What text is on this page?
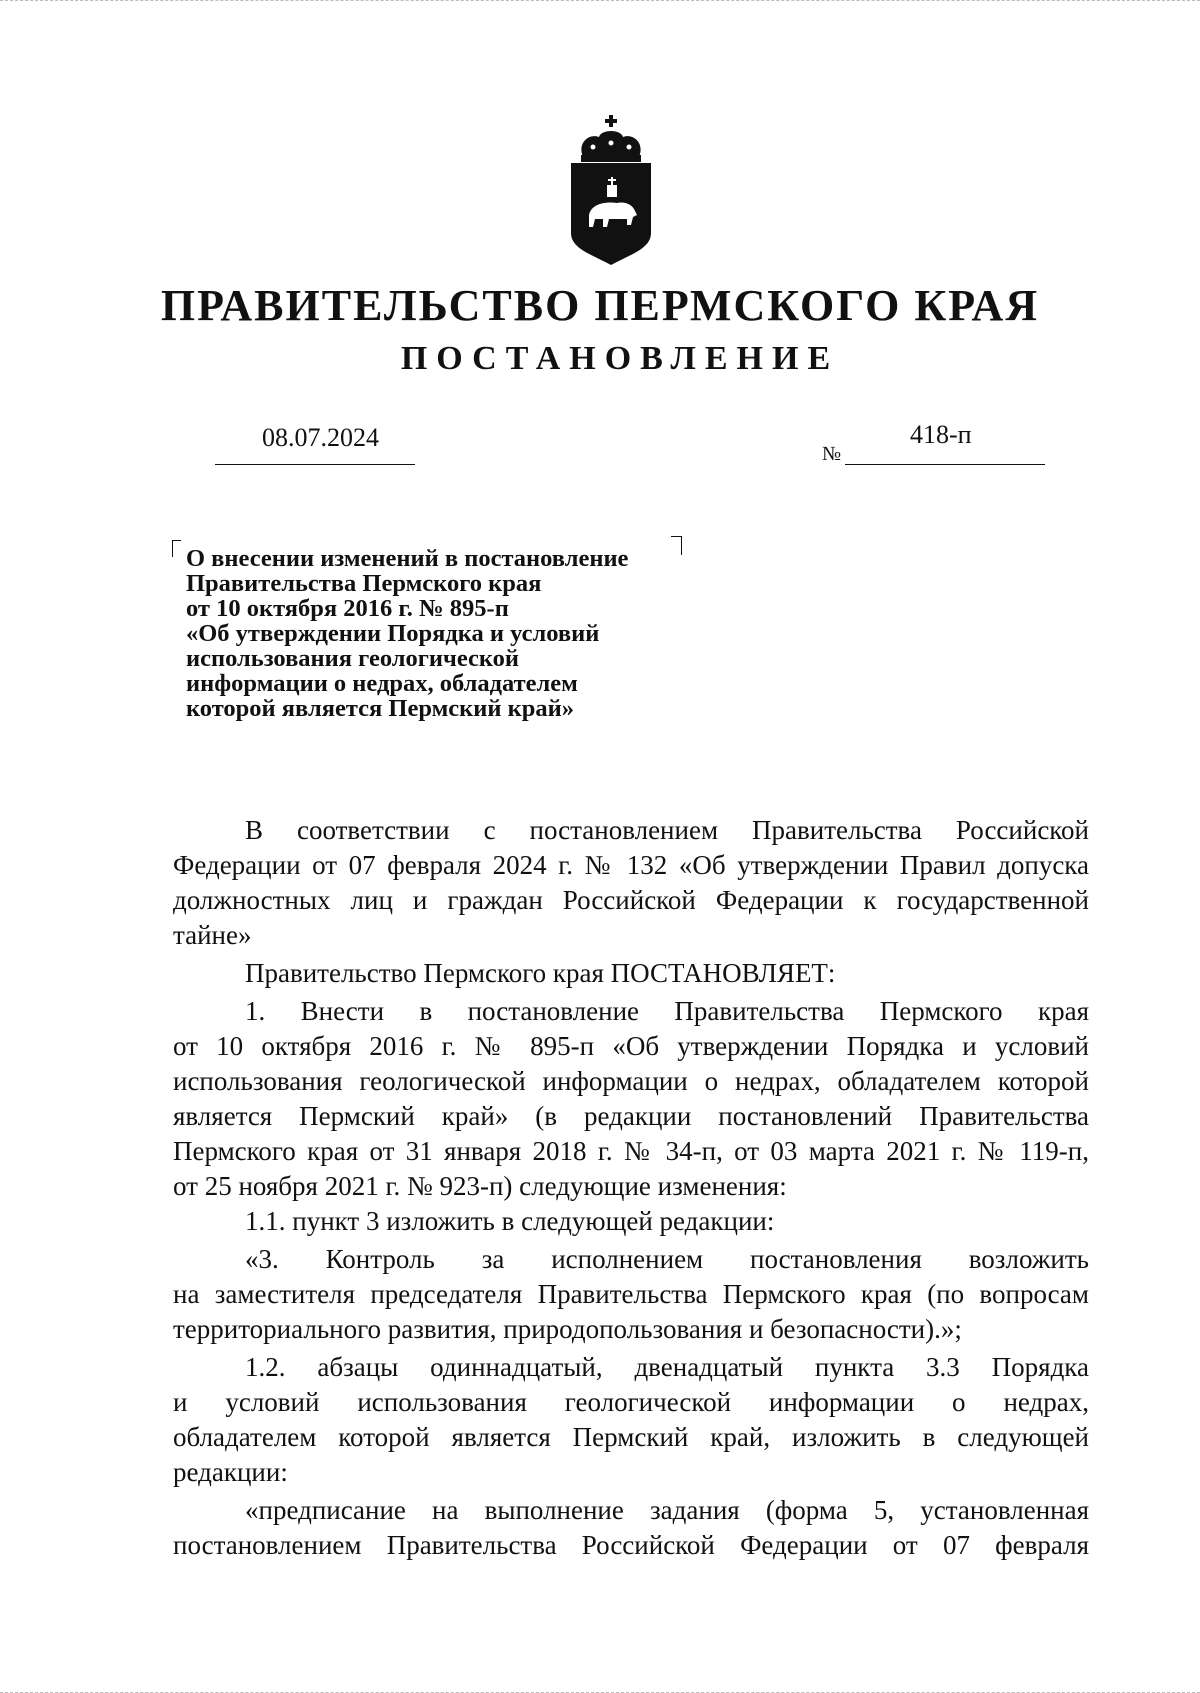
ПРАВИТЕЛЬСТВО ПЕРМСКОГО КРАЯ
ПОСТАНОВЛЕНИЕ
08.07.2024
№
418-п
О внесении изменений в постановление
Правительства Пермского края
от 10 октября 2016 г. № 895-п
«Об утверждении Порядка и условий
использования геологической
информации о недрах, обладателем
которой является Пермский край»
В соответствии с постановлением Правительства Российской
Федерации от 07 февраля 2024 г. № 132 «Об утверждении Правил допуска
должностных лиц и граждан Российской Федерации к государственной
тайне»
Правительство Пермского края ПОСТАНОВЛЯЕТ:
1. Внести в постановление Правительства Пермского края
от 10 октября 2016 г. № 895-п «Об утверждении Порядка и условий
использования геологической информации о недрах, обладателем которой
является Пермский край» (в редакции постановлений Правительства
Пермского края от 31 января 2018 г. № 34-п, от 03 марта 2021 г. № 119-п,
от 25 ноября 2021 г. № 923-п) следующие изменения:
1.1. пункт 3 изложить в следующей редакции:
«3. Контроль за исполнением постановления возложить
на заместителя председателя Правительства Пермского края (по вопросам
территориального развития, природопользования и безопасности).»;
1.2. абзацы одиннадцатый, двенадцатый пункта 3.3 Порядка
и условий использования геологической информации о недрах,
обладателем которой является Пермский край, изложить в следующей
редакции:
«предписание на выполнение задания (форма 5, установленная
постановлением Правительства Российской Федерации от 07 февраля
